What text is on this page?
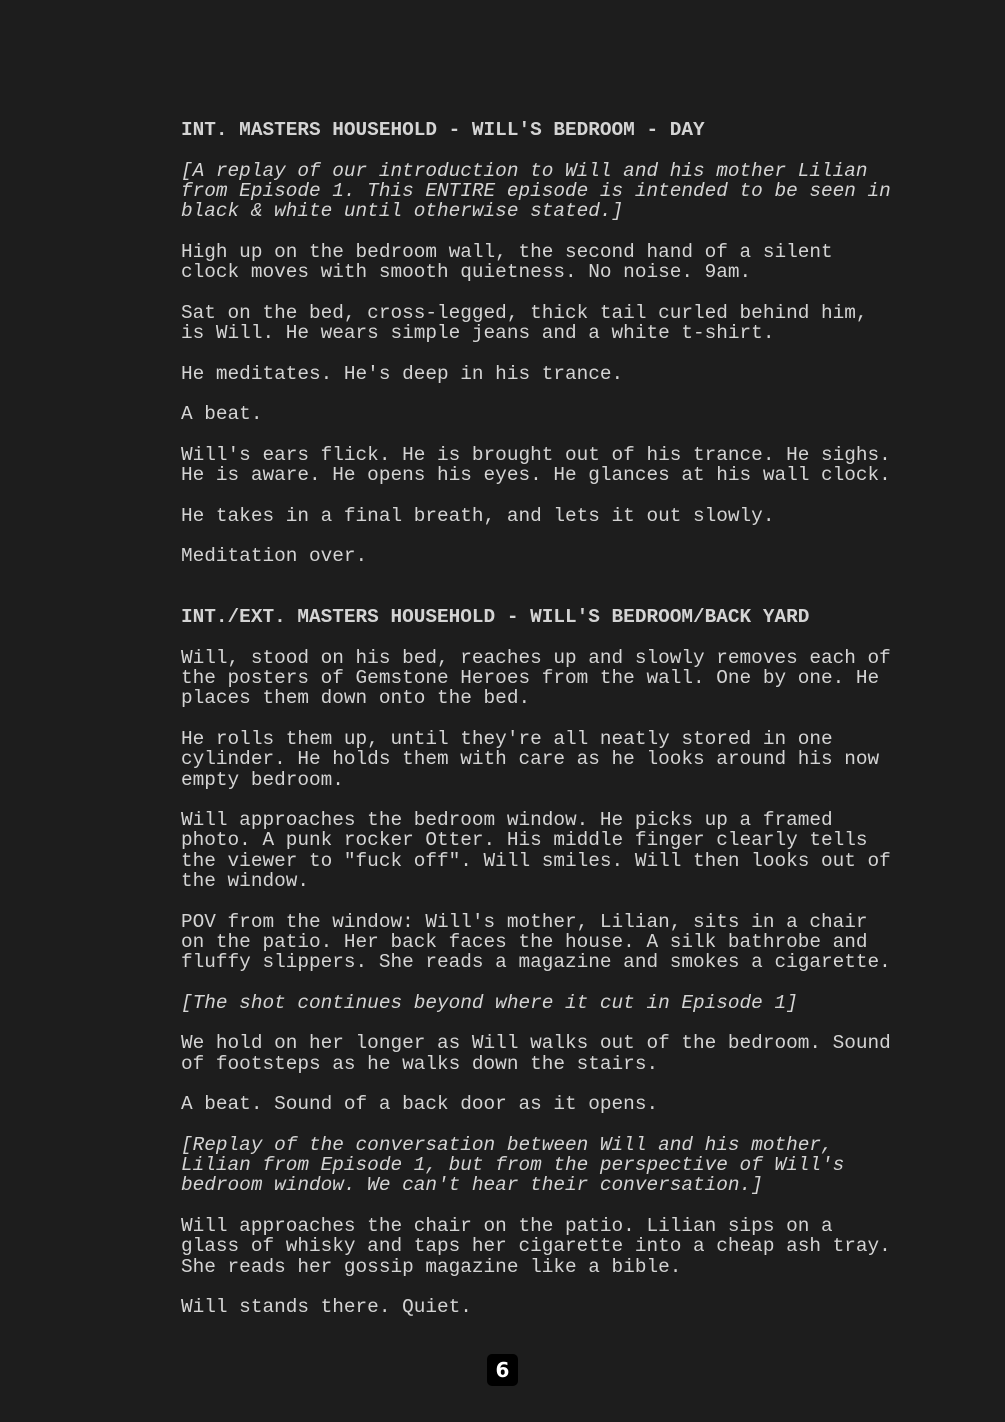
INT. MASTERS HOUSEHOLD - WILL'S BEDROOM - DAY

[A replay of our introduction to Will and his mother Lilian

from Episode 1. This ENTIRE episode is intended to be seen in

black & white until otherwise stated.]

High up on the bedroom wall, the second hand of a silent

clock moves with smooth quietness. No noise. 9am.

Sat on the bed, cross-legged, thick tail curled behind him,

is Will. He wears simple jeans and a white t-shirt.

He meditates. He's deep in his trance.

A beat.

Will's ears flick. He is brought out of his trance. He sighs.

He is aware. He opens his eyes. He glances at his wall clock.

He takes in a final breath, and lets it out slowly.

Meditation over.

INT./EXT. MASTERS HOUSEHOLD - WILL'S BEDROOM/BACK YARD

Will, stood on his bed, reaches up and slowly removes each of

the posters of Gemstone Heroes from the wall. One by one. He

places them down onto the bed.

He rolls them up, until they're all neatly stored in one

cylinder. He holds them with care as he looks around his now

empty bedroom.

Will approaches the bedroom window. He picks up a framed

photo. A punk rocker Otter. His middle finger clearly tells

the viewer to "fuck off". Will smiles. Will then looks out of

the window.

POV from the window: Will's mother, Lilian, sits in a chair

on the patio. Her back faces the house. A silk bathrobe and

fluffy slippers. She reads a magazine and smokes a cigarette.

[The shot continues beyond where it cut in Episode 1]

We hold on her longer as Will walks out of the bedroom. Sound

of footsteps as he walks down the stairs.

A beat. Sound of a back door as it opens.

[Replay of the conversation between Will and his mother,

Lilian from Episode 1, but from the perspective of Will's

bedroom window. We can't hear their conversation.]

Will approaches the chair on the patio. Lilian sips on a

glass of whisky and taps her cigarette into a cheap ash tray.

She reads her gossip magazine like a bible.

Will stands there. Quiet.

6
